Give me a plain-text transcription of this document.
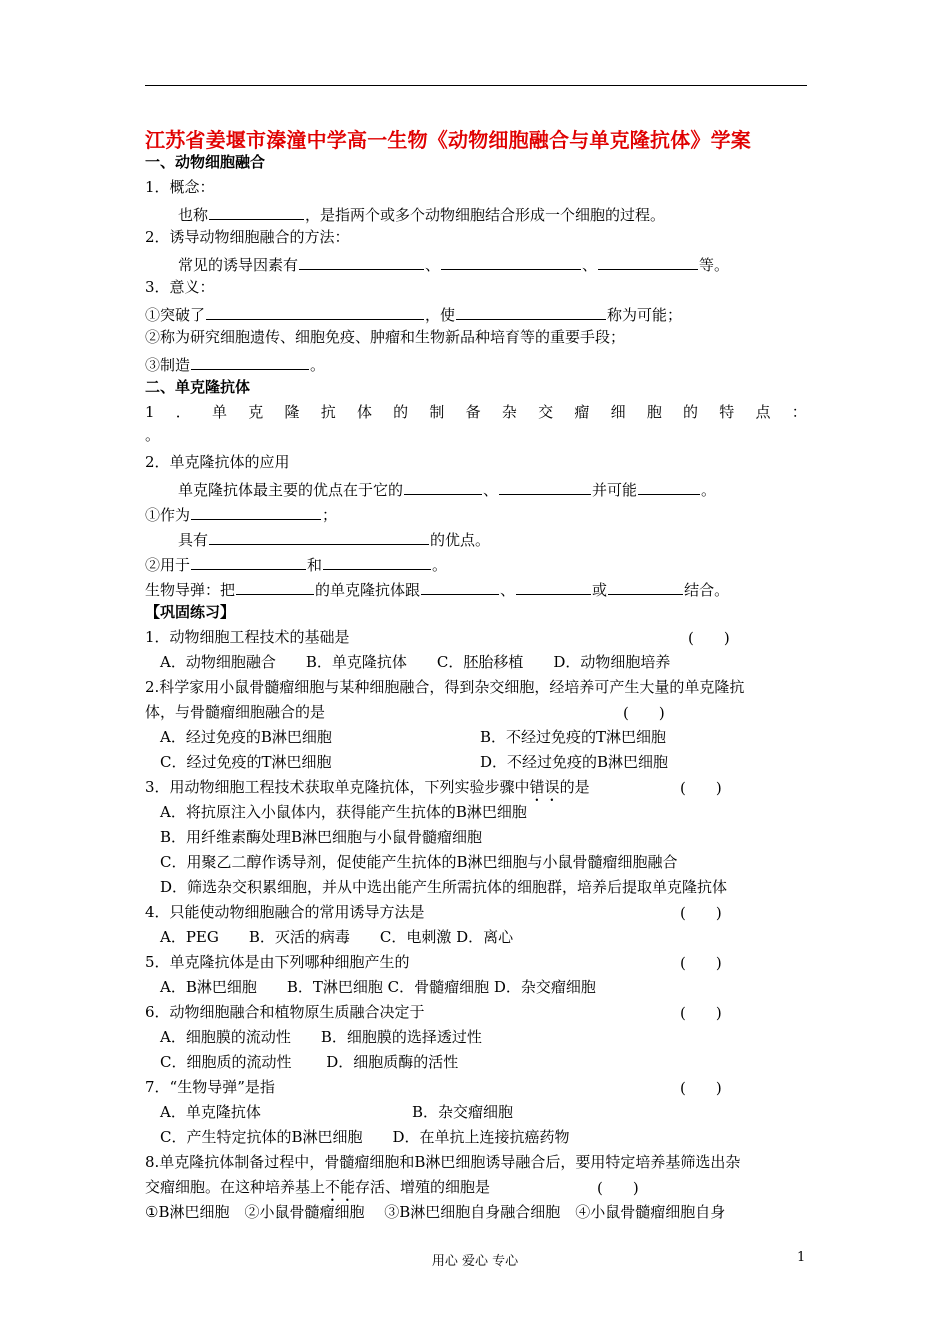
江苏省姜堰市溱潼中学高一生物《动物细胞融合与单克隆抗体》学案
一、动物细胞融合
1．概念：
也称	，是指两个或多个动物细胞结合形成一个细胞的过程。
2．诱导动物细胞融合的方法：
常见的诱导因素有	、	、	等。
3．意义：
①突破了	，使	称为可能；
②称为研究细胞遗传、细胞免疫、肿瘤和生物新品种培育等的重要手段；
③制造	。
二、单克隆抗体
1 ． 单 克 隆 抗 体 的 制 备 杂 交 瘤 细 胞 的 特 点 ：
。
2．单克隆抗体的应用
单克隆抗体最主要的优点在于它的	、	并可能	。
①作为	；
具有	的优点。
②用于	和	。
生物导弹：把	的单克隆抗体跟	、	或	结合。
【巩固练习】
1．动物细胞工程技术的基础是	(　　)
A．动物细胞融合　　B．单克隆抗体　　C．胚胎移植　　D．动物细胞培养
2.科学家用小鼠骨髓瘤细胞与某种细胞融合，得到杂交细胞，经培养可产生大量的单克隆抗
体，与骨髓瘤细胞融合的是	(　　)
A．经过免疫的B淋巴细胞	B．不经过免疫的T淋巴细胞
C．经过免疫的T淋巴细胞	D．不经过免疫的B淋巴细胞
3．用动物细胞工程技术获取单克隆抗体，下列实验步骤中错误的是	(　　)
A．将抗原注入小鼠体内，获得能产生抗体的B淋巴细胞
B．用纤维素酶处理B淋巴细胞与小鼠骨髓瘤细胞
C．用聚乙二醇作诱导剂，促使能产生抗体的B淋巴细胞与小鼠骨髓瘤细胞融合
D．筛选杂交积累细胞，并从中选出能产生所需抗体的细胞群，培养后提取单克隆抗体
4．只能使动物细胞融合的常用诱导方法是	(　　)
A．PEG　　B．灭活的病毒　　C．电刺激 D．离心
5．单克隆抗体是由下列哪种细胞产生的	(　　)
A．B淋巴细胞　　B．T淋巴细胞 C．骨髓瘤细胞 D．杂交瘤细胞
6．动物细胞融合和植物原生质融合决定于	(　　)
A．细胞膜的流动性　　B．细胞膜的选择透过性
C．细胞质的流动性　　 D．细胞质酶的活性
7．“生物导弹”是指	(　　)
A．单克隆抗体	B．杂交瘤细胞
C．产生特定抗体的B淋巴细胞　　D．在单抗上连接抗癌药物
8.单克隆抗体制备过程中，骨髓瘤细胞和B淋巴细胞诱导融合后，要用特定培养基筛选出杂
交瘤细胞。在这种培养基上不能存活、增殖的细胞是	(　　)
①B淋巴细胞　②小鼠骨髓瘤细胞　 ③B淋巴细胞自身融合细胞　④小鼠骨髓瘤细胞自身
用心 爱心 专心	1
